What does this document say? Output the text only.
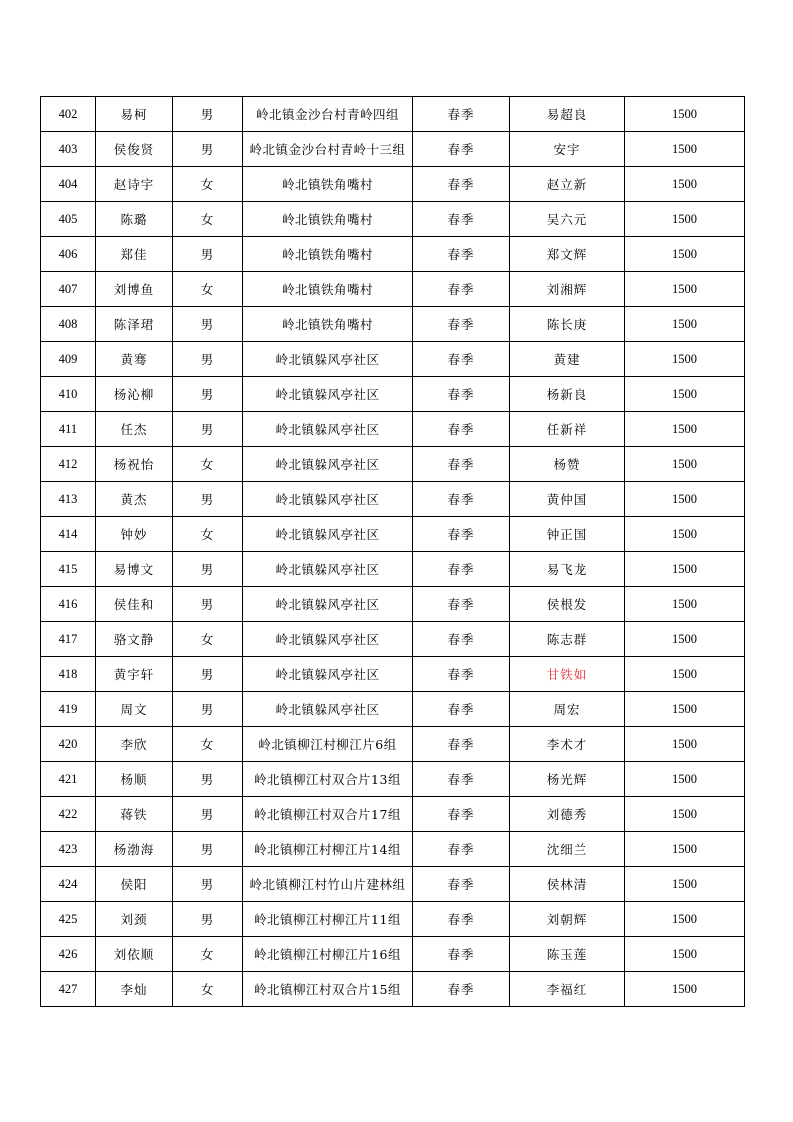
402	易柯	男	岭北镇金沙台村青岭四组	春季	易超良	1500
403	侯俊贤	男	岭北镇金沙台村青岭十三组	春季	安宇	1500
404	赵诗宇	女	岭北镇铁角嘴村	春季	赵立新	1500
405	陈璐	女	岭北镇铁角嘴村	春季	吴六元	1500
406	郑佳	男	岭北镇铁角嘴村	春季	郑文辉	1500
407	刘博鱼	女	岭北镇铁角嘴村	春季	刘湘辉	1500
408	陈泽珺	男	岭北镇铁角嘴村	春季	陈长庚	1500
409	黄骞	男	岭北镇躲风亭社区	春季	黄建	1500
410	杨沁柳	男	岭北镇躲风亭社区	春季	杨新良	1500
411	任杰	男	岭北镇躲风亭社区	春季	任新祥	1500
412	杨祝怡	女	岭北镇躲风亭社区	春季	杨赞	1500
413	黄杰	男	岭北镇躲风亭社区	春季	黄仲国	1500
414	钟妙	女	岭北镇躲风亭社区	春季	钟正国	1500
415	易博文	男	岭北镇躲风亭社区	春季	易飞龙	1500
416	侯佳和	男	岭北镇躲风亭社区	春季	侯根发	1500
417	骆文静	女	岭北镇躲风亭社区	春季	陈志群	1500
418	黄宇轩	男	岭北镇躲风亭社区	春季	甘铁如	1500
419	周文	男	岭北镇躲风亭社区	春季	周宏	1500
420	李欣	女	岭北镇柳江村柳江片6组	春季	李术才	1500
421	杨顺	男	岭北镇柳江村双合片13组	春季	杨光辉	1500
422	蒋铁	男	岭北镇柳江村双合片17组	春季	刘德秀	1500
423	杨渤海	男	岭北镇柳江村柳江片14组	春季	沈细兰	1500
424	侯阳	男	岭北镇柳江村竹山片建林组	春季	侯林清	1500
425	刘颈	男	岭北镇柳江村柳江片11组	春季	刘朝辉	1500
426	刘依顺	女	岭北镇柳江村柳江片16组	春季	陈玉莲	1500
427	李灿	女	岭北镇柳江村双合片15组	春季	李福红	1500
